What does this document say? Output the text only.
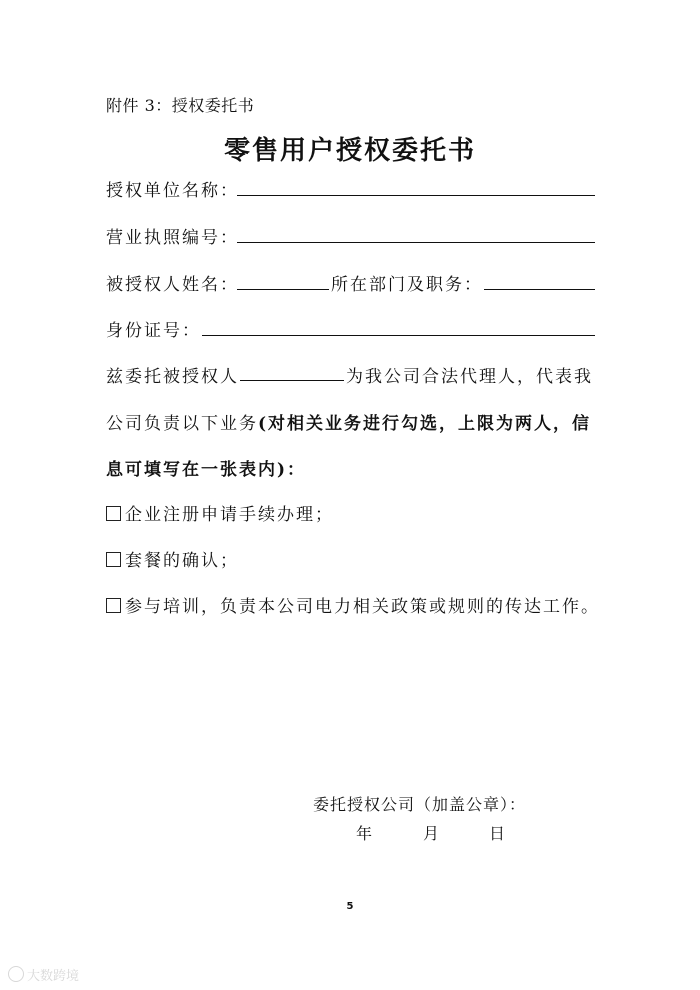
附件 3：授权委托书
零售用户授权委托书
授权单位名称：
营业执照编号：
被授权人姓名：	所在部门及职务：
身份证号：
兹委托被授权人	为我公司合法代理人，代表我
公司负责以下业务(对相关业务进行勾选，上限为两人，信
息可填写在一张表内)：
企业注册申请手续办理；
套餐的确认；
参与培训，负责本公司电力相关政策或规则的传达工作。
委托授权公司（加盖公章）：
年	月	日
5
大数跨境
